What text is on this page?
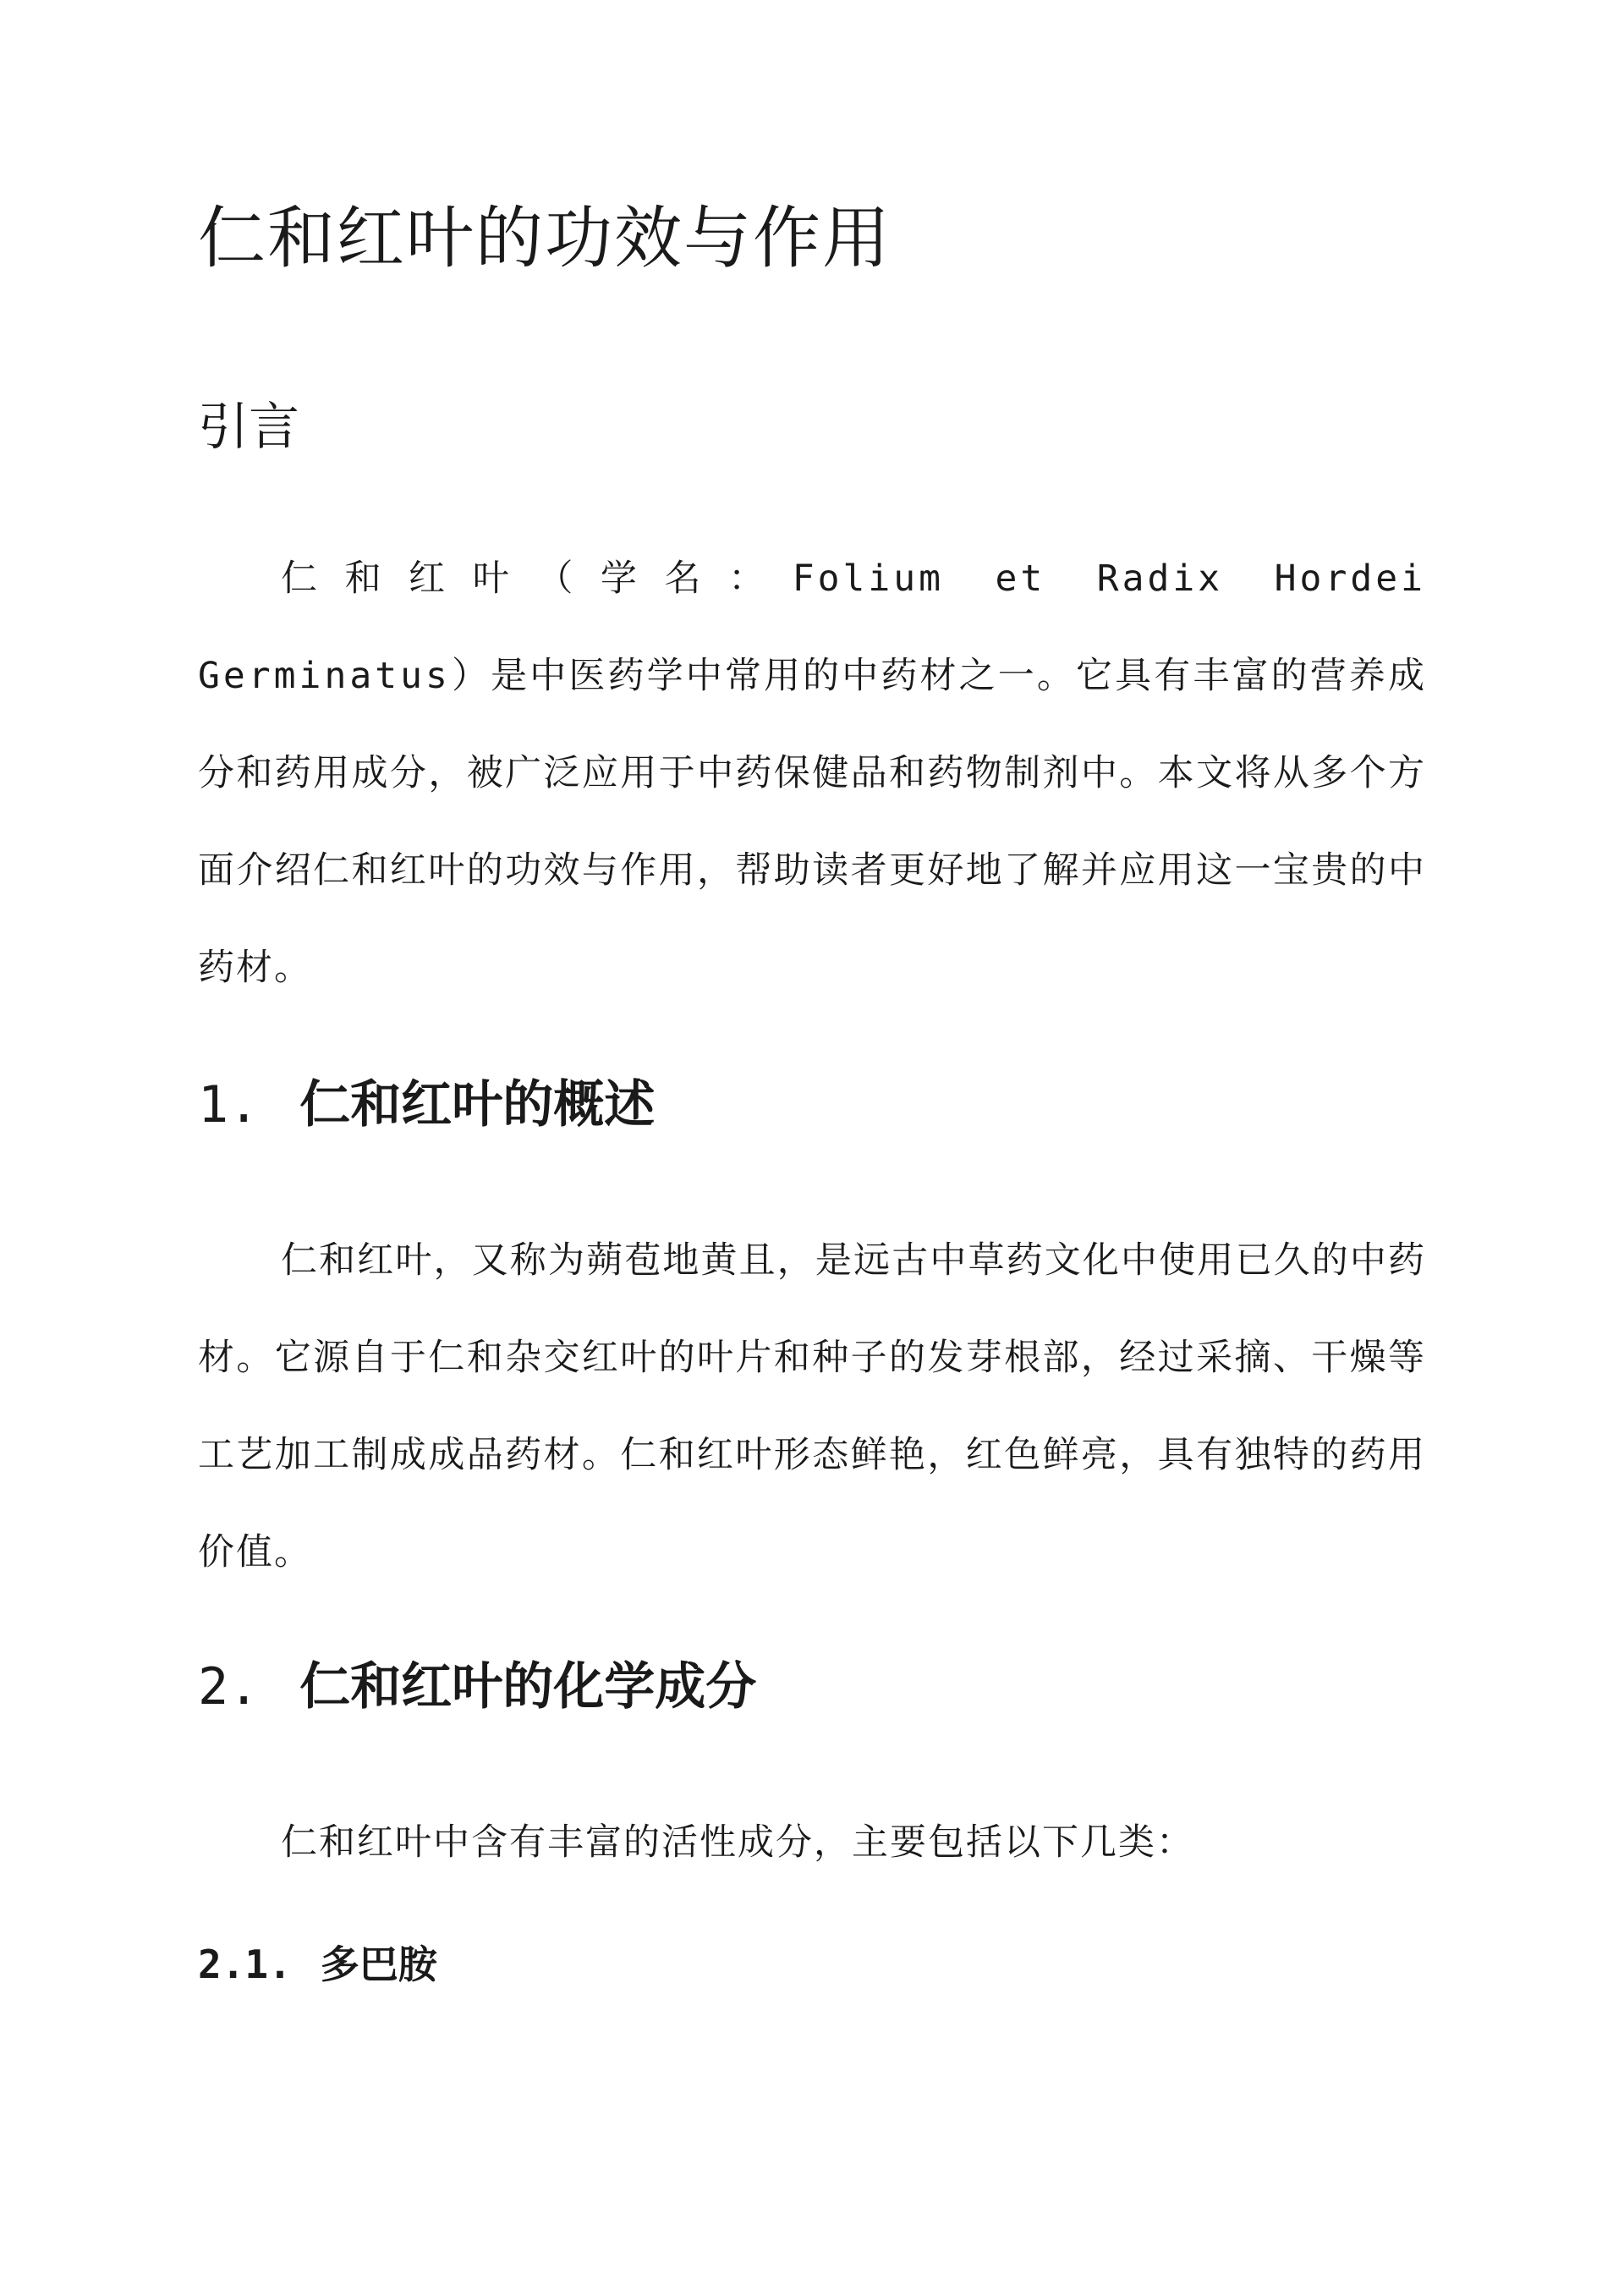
仁和红叶的功效与作用
引言

仁和红叶（学名：Folium et Radix Hordei Germinatus）是中医药学中常用的中药材之一。它具有丰富的营养成分和药用成分，被广泛应用于中药保健品和药物制剂中。本文将从多个方面介绍仁和红叶的功效与作用，帮助读者更好地了解并应用这一宝贵的中药材。

1. 仁和红叶的概述

仁和红叶，又称为蒴苞地黄且，是远古中草药文化中使用已久的中药材。它源自于仁和杂交红叶的叶片和种子的发芽根部，经过采摘、干燥等工艺加工制成成品药材。仁和红叶形态鲜艳，红色鲜亮，具有独特的药用价值。

2. 仁和红叶的化学成分

仁和红叶中含有丰富的活性成分，主要包括以下几类：

2.1. 多巴胺
